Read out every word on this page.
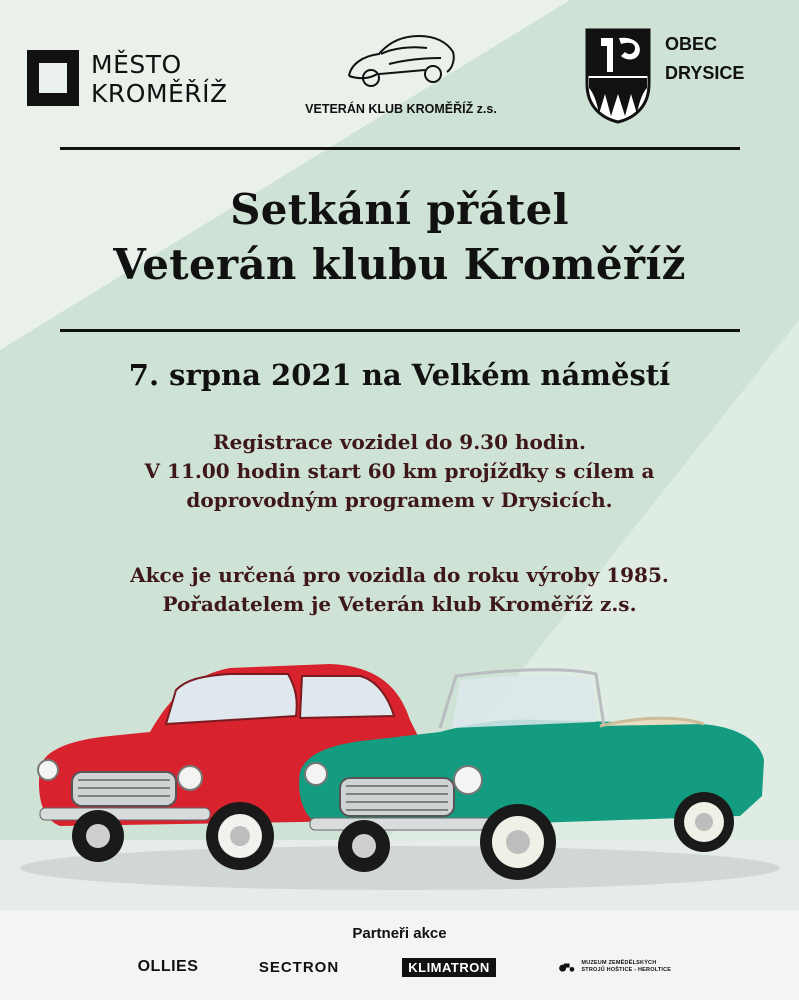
MĚSTO
KROMĚŘÍŽ
VETERÁN KLUB KROMĚŘÍŽ z.s.
OBEC
DRYSICE
Setkání přátel
Veterán klubu Kroměříž
7. srpna 2021 na Velkém náměstí
Registrace vozidel do 9.30 hodin.
V 11.00 hodin start 60 km projížďky s cílem a
doprovodným programem v Drysicích.
Akce je určená pro vozidla do roku výroby 1985.
Pořadatelem je Veterán klub Kroměříž z.s.
Partneři akce
OLLIES	SECTRON	KLIMATRON	MUZEUM ZEMĚDĚLSKÝCH STROJŮ HOŠTICE - HEROLTICE
